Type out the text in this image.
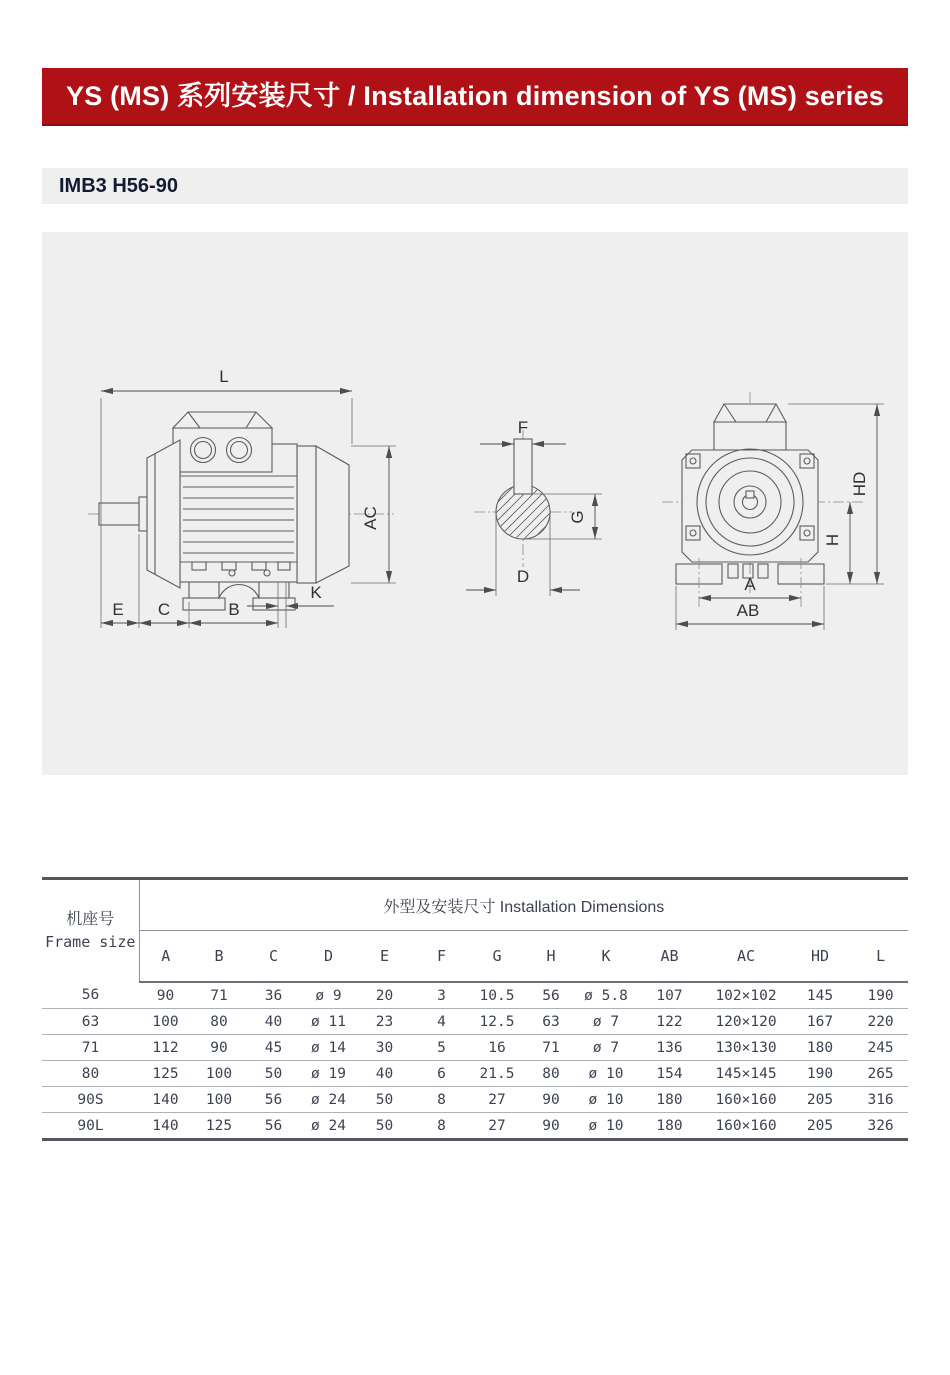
YS (MS) 系列安装尺寸 / Installation dimension of YS (MS) series motor
IMB3 H56-90
L
AC
E C	B
K
F
G
D
HD
H
A
AB
机座号
Frame size	外型及安装尺寸 Installation Dimensions												
	A	B	C	D	E	F	G	H	K	AB	AC	HD	L
56	90	71	36	ø 9	20	3	10.5	56	ø 5.8	107	102×102	145	190
63	100	80	40	ø 11	23	4	12.5	63	ø 7	122	120×120	167	220
71	112	90	45	ø 14	30	5	16	71	ø 7	136	130×130	180	245
80	125	100	50	ø 19	40	6	21.5	80	ø 10	154	145×145	190	265
90S	140	100	56	ø 24	50	8	27	90	ø 10	180	160×160	205	316
90L	140	125	56	ø 24	50	8	27	90	ø 10	180	160×160	205	326
